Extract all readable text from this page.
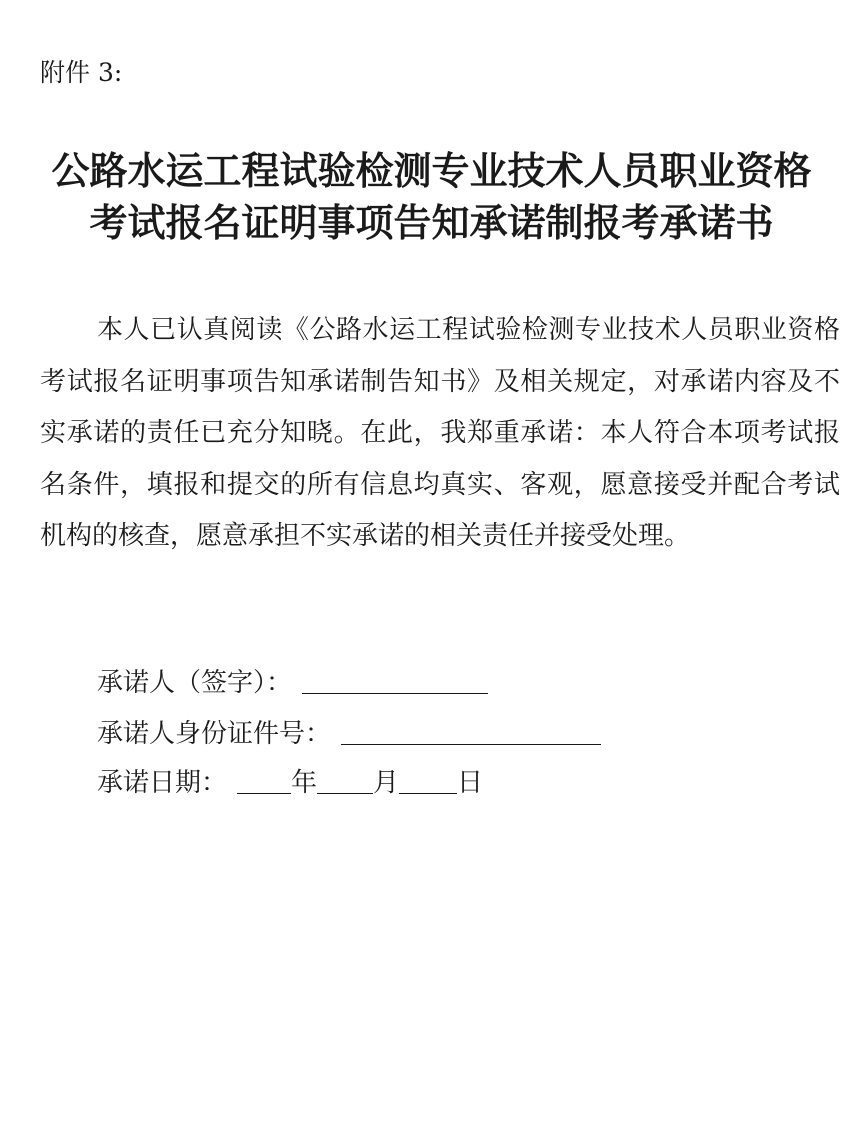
附件 3:
公路水运工程试验检测专业技术人员职业资格
考试报名证明事项告知承诺制报考承诺书

本人已认真阅读《公路水运工程试验检测专业技术人员职业资格考试报名证明事项告知承诺制告知书》及相关规定，对承诺内容及不实承诺的责任已充分知晓。在此，我郑重承诺：本人符合本项考试报名条件，填报和提交的所有信息均真实、客观，愿意接受并配合考试机构的核查，愿意承担不实承诺的相关责任并接受处理。

承诺人（签字）：
承诺人身份证件号：
承诺日期： 年 月 日
